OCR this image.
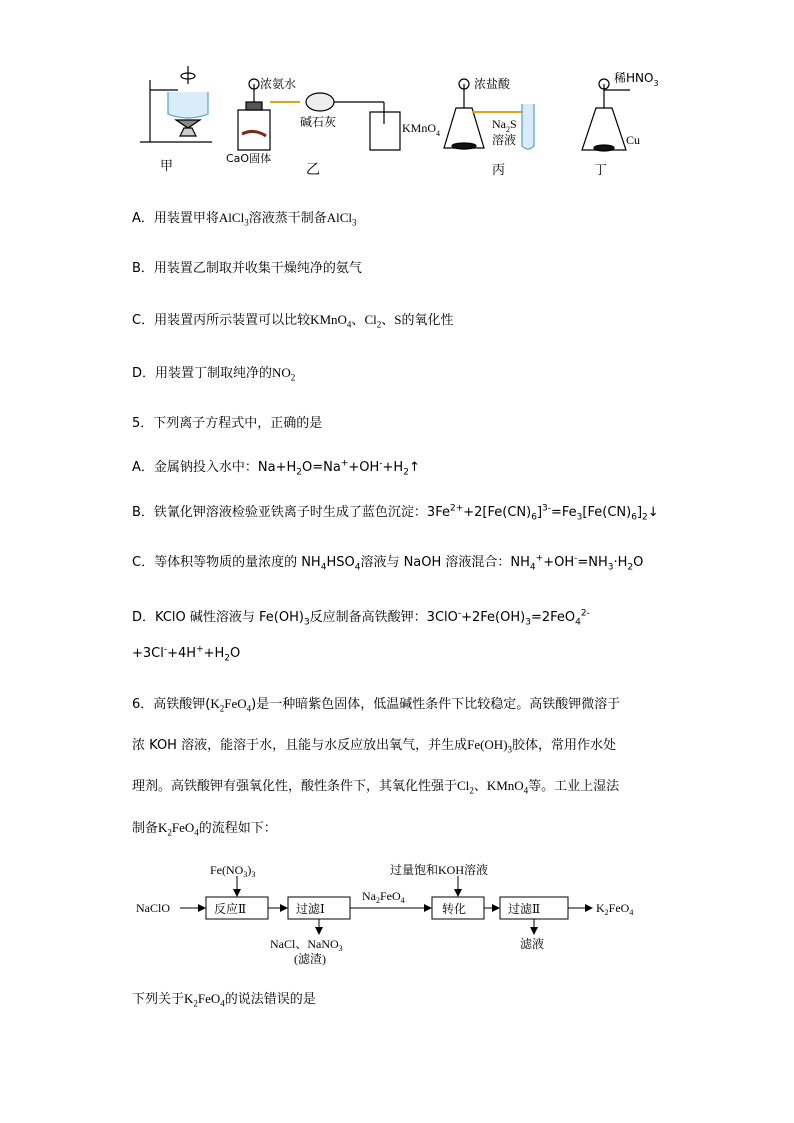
甲	乙	丙	丁
浓氨水
碱石灰
CaO固体
浓盐酸
KMnO$_4$
$Na_2S$
溶液
稀$HNO_3$
Cu
A．用装置甲将AlCl$_3$溶液蒸干制备AlCl$_3$
B．用装置乙制取并收集干燥纯净的氨气
C．用装置丙所示装置可以比较KMnO$_4$、$Cl_2$、S的氧化性
D．用装置丁制取纯净的$NO_2$
5．下列离子方程式中，正确的是
A．金属钠投入水中：$Na+H_2O=Na^++OH^-+H_2↑$
B．铁氰化钾溶液检验亚铁离子时生成了蓝色沉淀：$3Fe^{2+}+2[Fe(CN)_6]^{3-}=Fe_3[Fe(CN)_6]_2↓$
C．等体积等物质的量浓度的 $NH_4HSO_4$溶液与 NaOH 溶液混合：$NH_4^++OH^-=NH_3\cdot H_2O$
D．KClO 碱性溶液与 $Fe(OH)_3$反应制备高铁酸钾：$3ClO^-+2Fe(OH)_3=2FeO_4^{2-}$
$+3Cl^-+4H^++H_2O$
6．高铁酸钾$(K_2FeO_4)$是一种暗紫色固体，低温碱性条件下比较稳定。高铁酸钾微溶于
浓 KOH 溶液，能溶于水，且能与水反应放出氧气，并生成$Fe(OH)_3$胶体，常用作水处
理剂。高铁酸钾有强氧化性，酸性条件下，其氧化性强于$Cl_2$、KMnO$_4$等。工业上湿法
制备$K_2FeO_4$的流程如下：
NaClO
$Fe(NO_3)_3$
反应Ⅱ	过滤Ⅰ
$Na_2FeO_4$
过量饱和KOH溶液
转化	过滤Ⅱ	$K_2FeO_4$
NaCl、NaNO$_3$
(滤渣)
滤液
下列关于$K_2FeO_4$的说法错误的是
